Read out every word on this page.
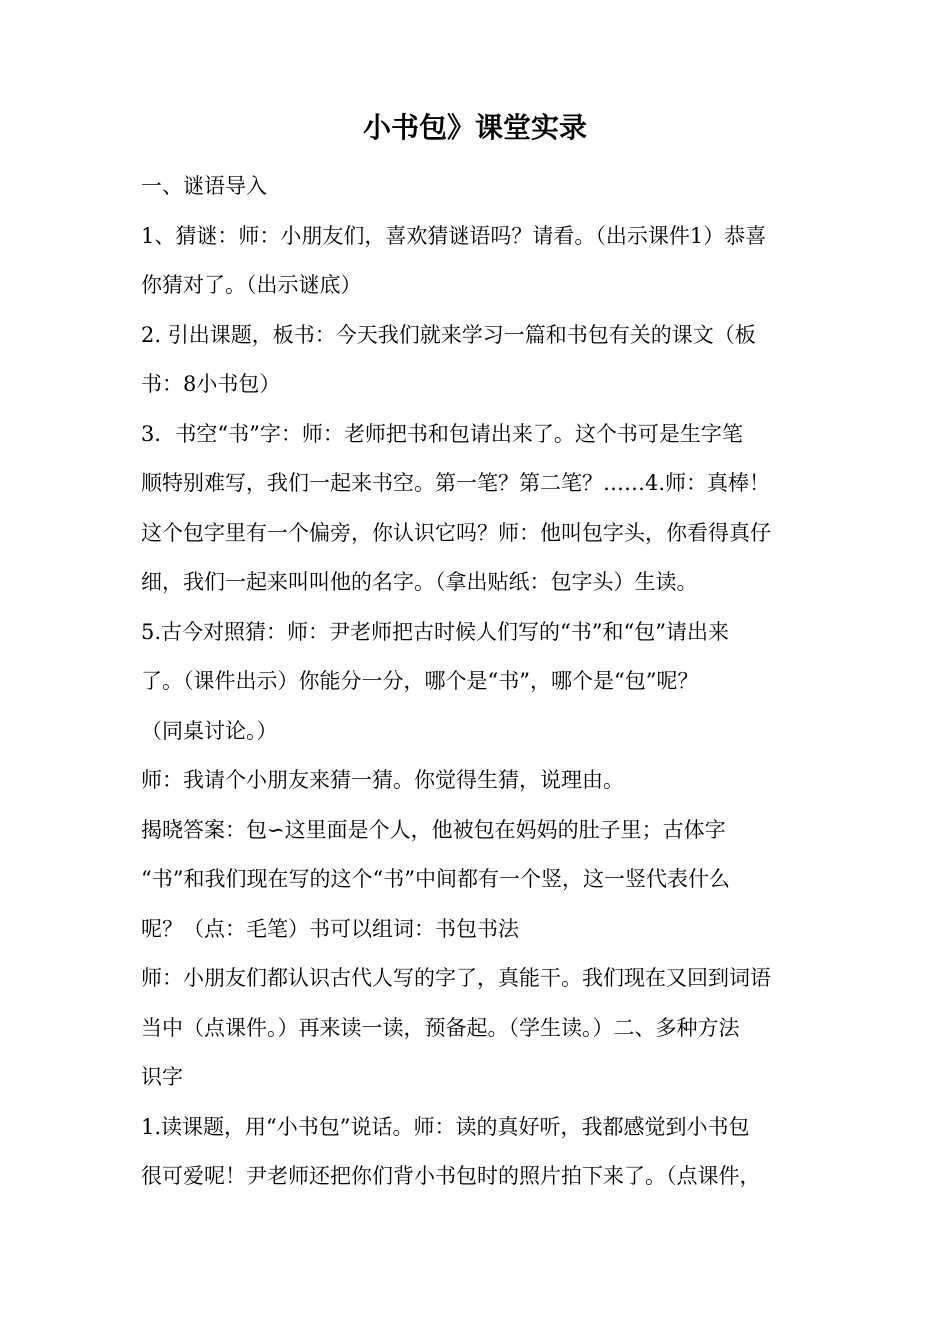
小书包》课堂实录

一、谜语导入

1、猜谜：师：小朋友们，喜欢猜谜语吗？请看。（出示课件1）恭喜

你猜对了。（出示谜底）

2. 引出课题，板书：今天我们就来学习一篇和书包有关的课文（板

书：8小书包）

3．书空“书”字：师：老师把书和包请出来了。这个书可是生字笔

顺特别难写，我们一起来书空。第一笔？第二笔？……4.师：真棒！

这个包字里有一个偏旁，你认识它吗？师：他叫包字头，你看得真仔

细，我们一起来叫叫他的名字。（拿出贴纸：包字头）生读。

5.古今对照猜：师：尹老师把古时候人们写的“书”和“包”请出来

了。（课件出示）你能分一分，哪个是“书”，哪个是“包”呢？

（同桌讨论。）

师：我请个小朋友来猜一猜。你觉得生猜，说理由。

揭晓答案：包∽这里面是个人，他被包在妈妈的肚子里；古体字

“书”和我们现在写的这个“书”中间都有一个竖，这一竖代表什么

呢？（点：毛笔）书可以组词：书包书法

师：小朋友们都认识古代人写的字了，真能干。我们现在又回到词语

当中（点课件。）再来读一读，预备起。（学生读。）二、多种方法

识字

1.读课题，用“小书包”说话。师：读的真好听，我都感觉到小书包

很可爱呢！尹老师还把你们背小书包时的照片拍下来了。（点课件，
